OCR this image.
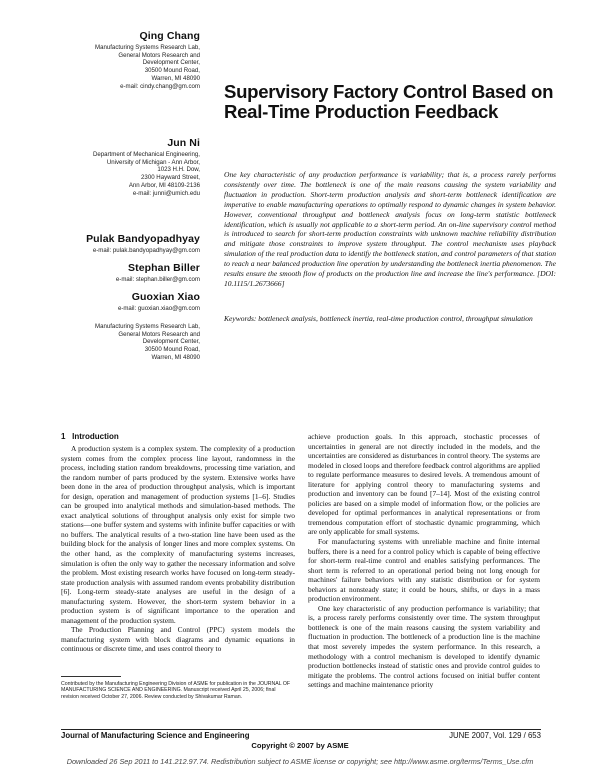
Qing Chang
Manufacturing Systems Research Lab,
General Motors Research and
Development Center,
30500 Mound Road,
Warren, MI 48090
e-mail: cindy.chang@gm.com
Jun Ni
Department of Mechanical Engineering,
University of Michigan - Ann Arbor,
1023 H.H. Dow,
2300 Hayward Street,
Ann Arbor, MI 48109-2136
e-mail: junni@umich.edu
Pulak Bandyopadhyay
e-mail: pulak.bandyopadhyay@gm.com
Stephan Biller
e-mail: stephan.biller@gm.com
Guoxian Xiao
e-mail: guoxian.xiao@gm.com
Manufacturing Systems Research Lab,
General Motors Research and
Development Center,
30500 Mound Road,
Warren, MI 48090
Supervisory Factory Control Based on Real-Time Production Feedback
One key characteristic of any production performance is variability; that is, a process rarely performs consistently over time. The bottleneck is one of the main reasons causing the system variability and fluctuation in production. Short-term production analysis and short-term bottleneck identification are imperative to enable manufacturing operations to optimally respond to dynamic changes in system behavior. However, conventional throughput and bottleneck analysis focus on long-term statistic bottleneck identification, which is usually not applicable to a short-term period. An on-line supervisory control method is introduced to search for short-term production constraints with unknown machine reliability distribution and mitigate those constraints to improve system throughput. The control mechanism uses playback simulation of the real production data to identify the bottleneck station, and control parameters of that station to reach a near balanced production line operation by understanding the bottleneck inertia phenomenon. The results ensure the smooth flow of products on the production line and increase the line's performance. [DOI: 10.1115/1.2673666]
Keywords: bottleneck analysis, bottleneck inertia, real-time production control, throughput simulation
1 Introduction

A production system is a complex system. The complexity of a production system comes from the complex process line layout, randomness in the process, including station random breakdowns, processing time variation, and the random number of parts produced by the system. Extensive works have been done in the area of production throughput analysis, which is important for design, operation and management of production systems [1–6]. Studies can be grouped into analytical methods and simulation-based methods. The exact analytical solutions of throughput analysis only exist for simple two stations—one buffer system and systems with infinite buffer capacities or with no buffers. The analytical results of a two-station line have been used as the building block for the analysis of longer lines and more complex systems. On the other hand, as the complexity of manufacturing systems increases, simulation is often the only way to gather the necessary information and solve the problem. Most existing research works have focused on long-term steady-state production analysis with assumed random events probability distribution [6]. Long-term steady-state analyses are useful in the design of a manufacturing system. However, the short-term system behavior in a production system is of significant importance to the operation and management of the production system.

The Production Planning and Control (PPC) system models the manufacturing system with block diagrams and dynamic equations in continuous or discrete time, and uses control theory to

achieve production goals. In this approach, stochastic processes of uncertainties in general are not directly included in the models, and the uncertainties are considered as disturbances in control theory. The systems are modeled in closed loops and therefore feedback control algorithms are applied to regulate performance measures to desired levels. A tremendous amount of literature for applying control theory to manufacturing systems and production and inventory can be found [7–14]. Most of the existing control policies are based on a simple model of information flow, or the policies are developed for optimal performances in analytical representations or from tremendous computation effort of stochastic dynamic programming, which are only applicable for small systems.

For manufacturing systems with unreliable machine and finite internal buffers, there is a need for a control policy which is capable of being effective for short-term real-time control and enables satisfying performances. The short term is referred to an operational period being not long enough for machines' failure behaviors with any statistic distribution or for system behaviors at nonsteady state; it could be hours, shifts, or days in a mass production environment.

One key characteristic of any production performance is variability; that is, a process rarely performs consistently over time. The system throughput bottleneck is one of the main reasons causing the system variability and fluctuation in production. The bottleneck of a production line is the machine that most severely impedes the system performance. In this research, a methodology with a control mechanism is developed to identify dynamic production bottlenecks instead of statistic ones and provide control guides to mitigate the problems. The control actions focused on initial buffer content settings and machine maintenance priority

Contributed by the Manufacturing Engineering Division of ASME for publication in the JOURNAL OF MANUFACTURING SCIENCE AND ENGINEERING. Manuscript received April 25, 2006; final revision received October 27, 2006. Review conducted by Shivakumar Raman.
Journal of Manufacturing Science and Engineering	JUNE 2007, Vol. 129 / 653
Copyright © 2007 by ASME
Downloaded 26 Sep 2011 to 141.212.97.74. Redistribution subject to ASME license or copyright; see http://www.asme.org/terms/Terms_Use.cfm
